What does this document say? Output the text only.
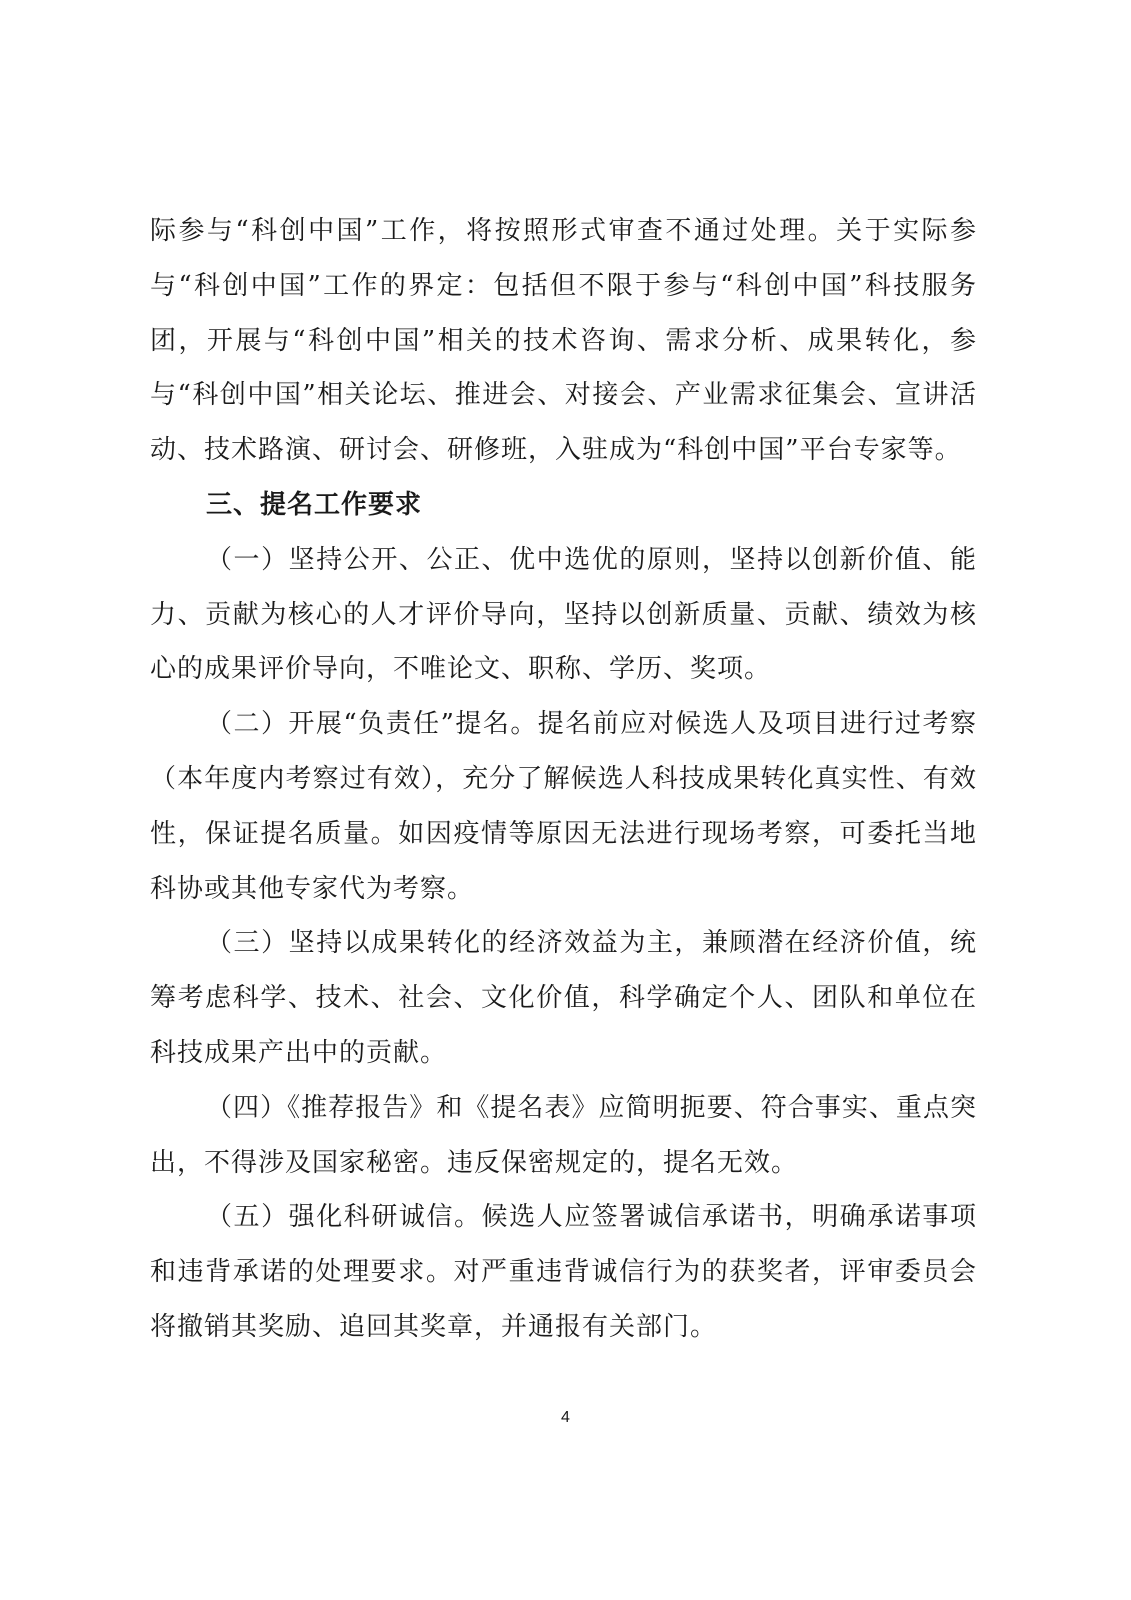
际参与“科创中国”工作，将按照形式审查不通过处理。关于实际参与“科创中国”工作的界定：包括但不限于参与“科创中国”科技服务团，开展与“科创中国”相关的技术咨询、需求分析、成果转化，参与“科创中国”相关论坛、推进会、对接会、产业需求征集会、宣讲活动、技术路演、研讨会、研修班，入驻成为“科创中国”平台专家等。

三、提名工作要求

（一）坚持公开、公正、优中选优的原则，坚持以创新价值、能力、贡献为核心的人才评价导向，坚持以创新质量、贡献、绩效为核心的成果评价导向，不唯论文、职称、学历、奖项。

（二）开展“负责任”提名。提名前应对候选人及项目进行过考察（本年度内考察过有效），充分了解候选人科技成果转化真实性、有效性，保证提名质量。如因疫情等原因无法进行现场考察，可委托当地科协或其他专家代为考察。

（三）坚持以成果转化的经济效益为主，兼顾潜在经济价值，统筹考虑科学、技术、社会、文化价值，科学确定个人、团队和单位在科技成果产出中的贡献。

（四）《推荐报告》和《提名表》应简明扼要、符合事实、重点突出，不得涉及国家秘密。违反保密规定的，提名无效。

（五）强化科研诚信。候选人应签署诚信承诺书，明确承诺事项和违背承诺的处理要求。对严重违背诚信行为的获奖者，评审委员会将撤销其奖励、追回其奖章，并通报有关部门。

4
